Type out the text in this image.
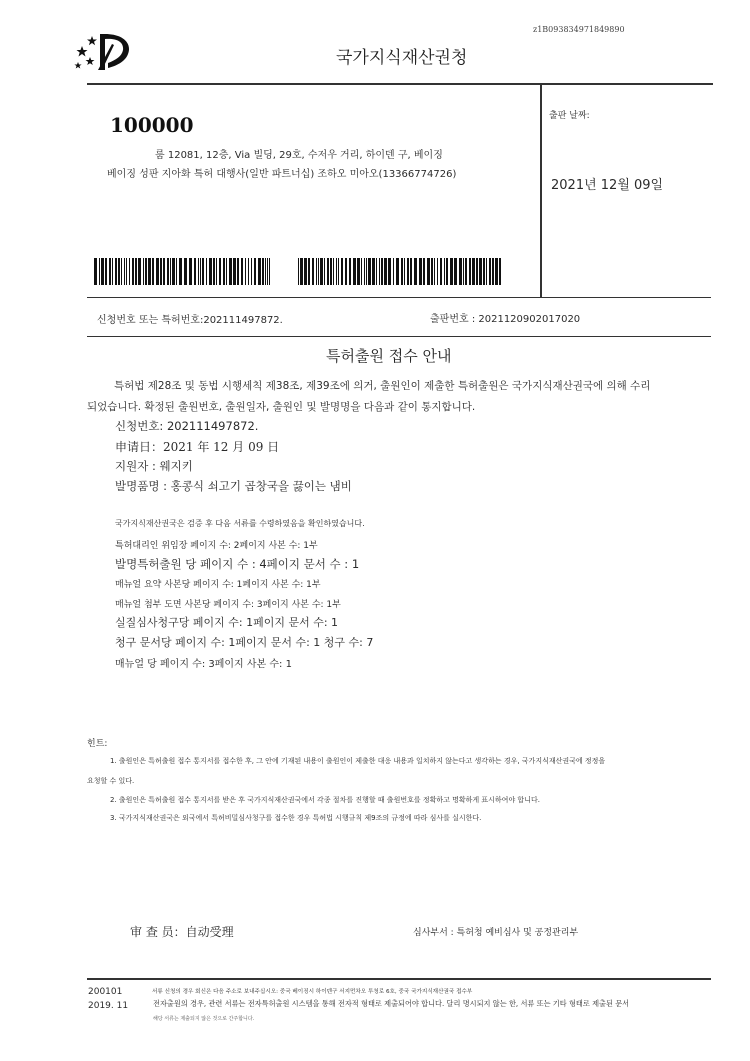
z1B093834971849890
국가지식재산권청
100000
룸 12081, 12층, Via 빌딩, 29호, 수저우 거리, 하이덴 구, 베이징
베이징 성판 지아화 특허 대행사(일반 파트너십) 조하오 미아오(13366774726)
출판 날짜:
2021년 12월 09일
신청번호 또는 특허번호:202111497872.	출판번호 : 2021120902017020
특허출원 접수 안내
특허법 제28조 및 동법 시행세칙 제38조, 제39조에 의거, 출원인이 제출한 특허출원은 국가지식재산권국에 의해 수리
되었습니다. 확정된 출원번호, 출원일자, 출원인 및 발명명을 다음과 같이 통지합니다.
신청번호: 202111497872.
申请日：2021 年 12 月 09 日
지원자 : 웨지키
발명품명 : 홍콩식 쇠고기 곱창국을 끓이는 냄비
국가지식재산권국은 검증 후 다음 서류를 수령하였음을 확인하였습니다.
특허대리인 위임장 페이지 수: 2페이지 사본 수: 1부
발명특허출원 당 페이지 수 : 4페이지 문서 수 : 1
매뉴얼 요약 사본당 페이지 수: 1페이지 사본 수: 1부
매뉴얼 첨부 도면 사본당 페이지 수: 3페이지 사본 수: 1부
실질심사청구당 페이지 수: 1페이지 문서 수: 1
청구 문서당 페이지 수: 1페이지 문서 수: 1 청구 수: 7
매뉴얼 당 페이지 수: 3페이지 사본 수: 1
힌트:
1. 출원인은 특허출원 접수 통지서를 접수한 후, 그 안에 기재된 내용이 출원인이 제출한 대응 내용과 일치하지 않는다고 생각하는 경우, 국가지식재산권국에 정정을
요청할 수 있다.
2. 출원인은 특허출원 접수 통지서를 받은 후 국가지식재산권국에서 각종 절차를 진행할 때 출원번호를 정확하고 명확하게 표시하여야 합니다.
3. 국가지식재산권국은 외국에서 특허비밀심사청구를 접수한 경우 특허법 시행규칙 제9조의 규정에 따라 심사를 실시한다.
审 查 员：自动受理	심사부서 : 특허청 예비심사 및 공정관리부
200101
2019. 11
서류 신청의 경우 회신은 다음 주소로 보내주십시오: 중국 베이징시 하이덴구 서지먼차오 투청로 6호, 중국 국가지식재산권국 접수부
전자출원의 경우, 관련 서류는 전자특허출원 시스템을 통해 전자적 형태로 제출되어야 합니다. 달리 명시되지 않는 한, 서류 또는 기타 형태로 제출된 문서
해당 서류는 제출되지 않은 것으로 간주합니다.
